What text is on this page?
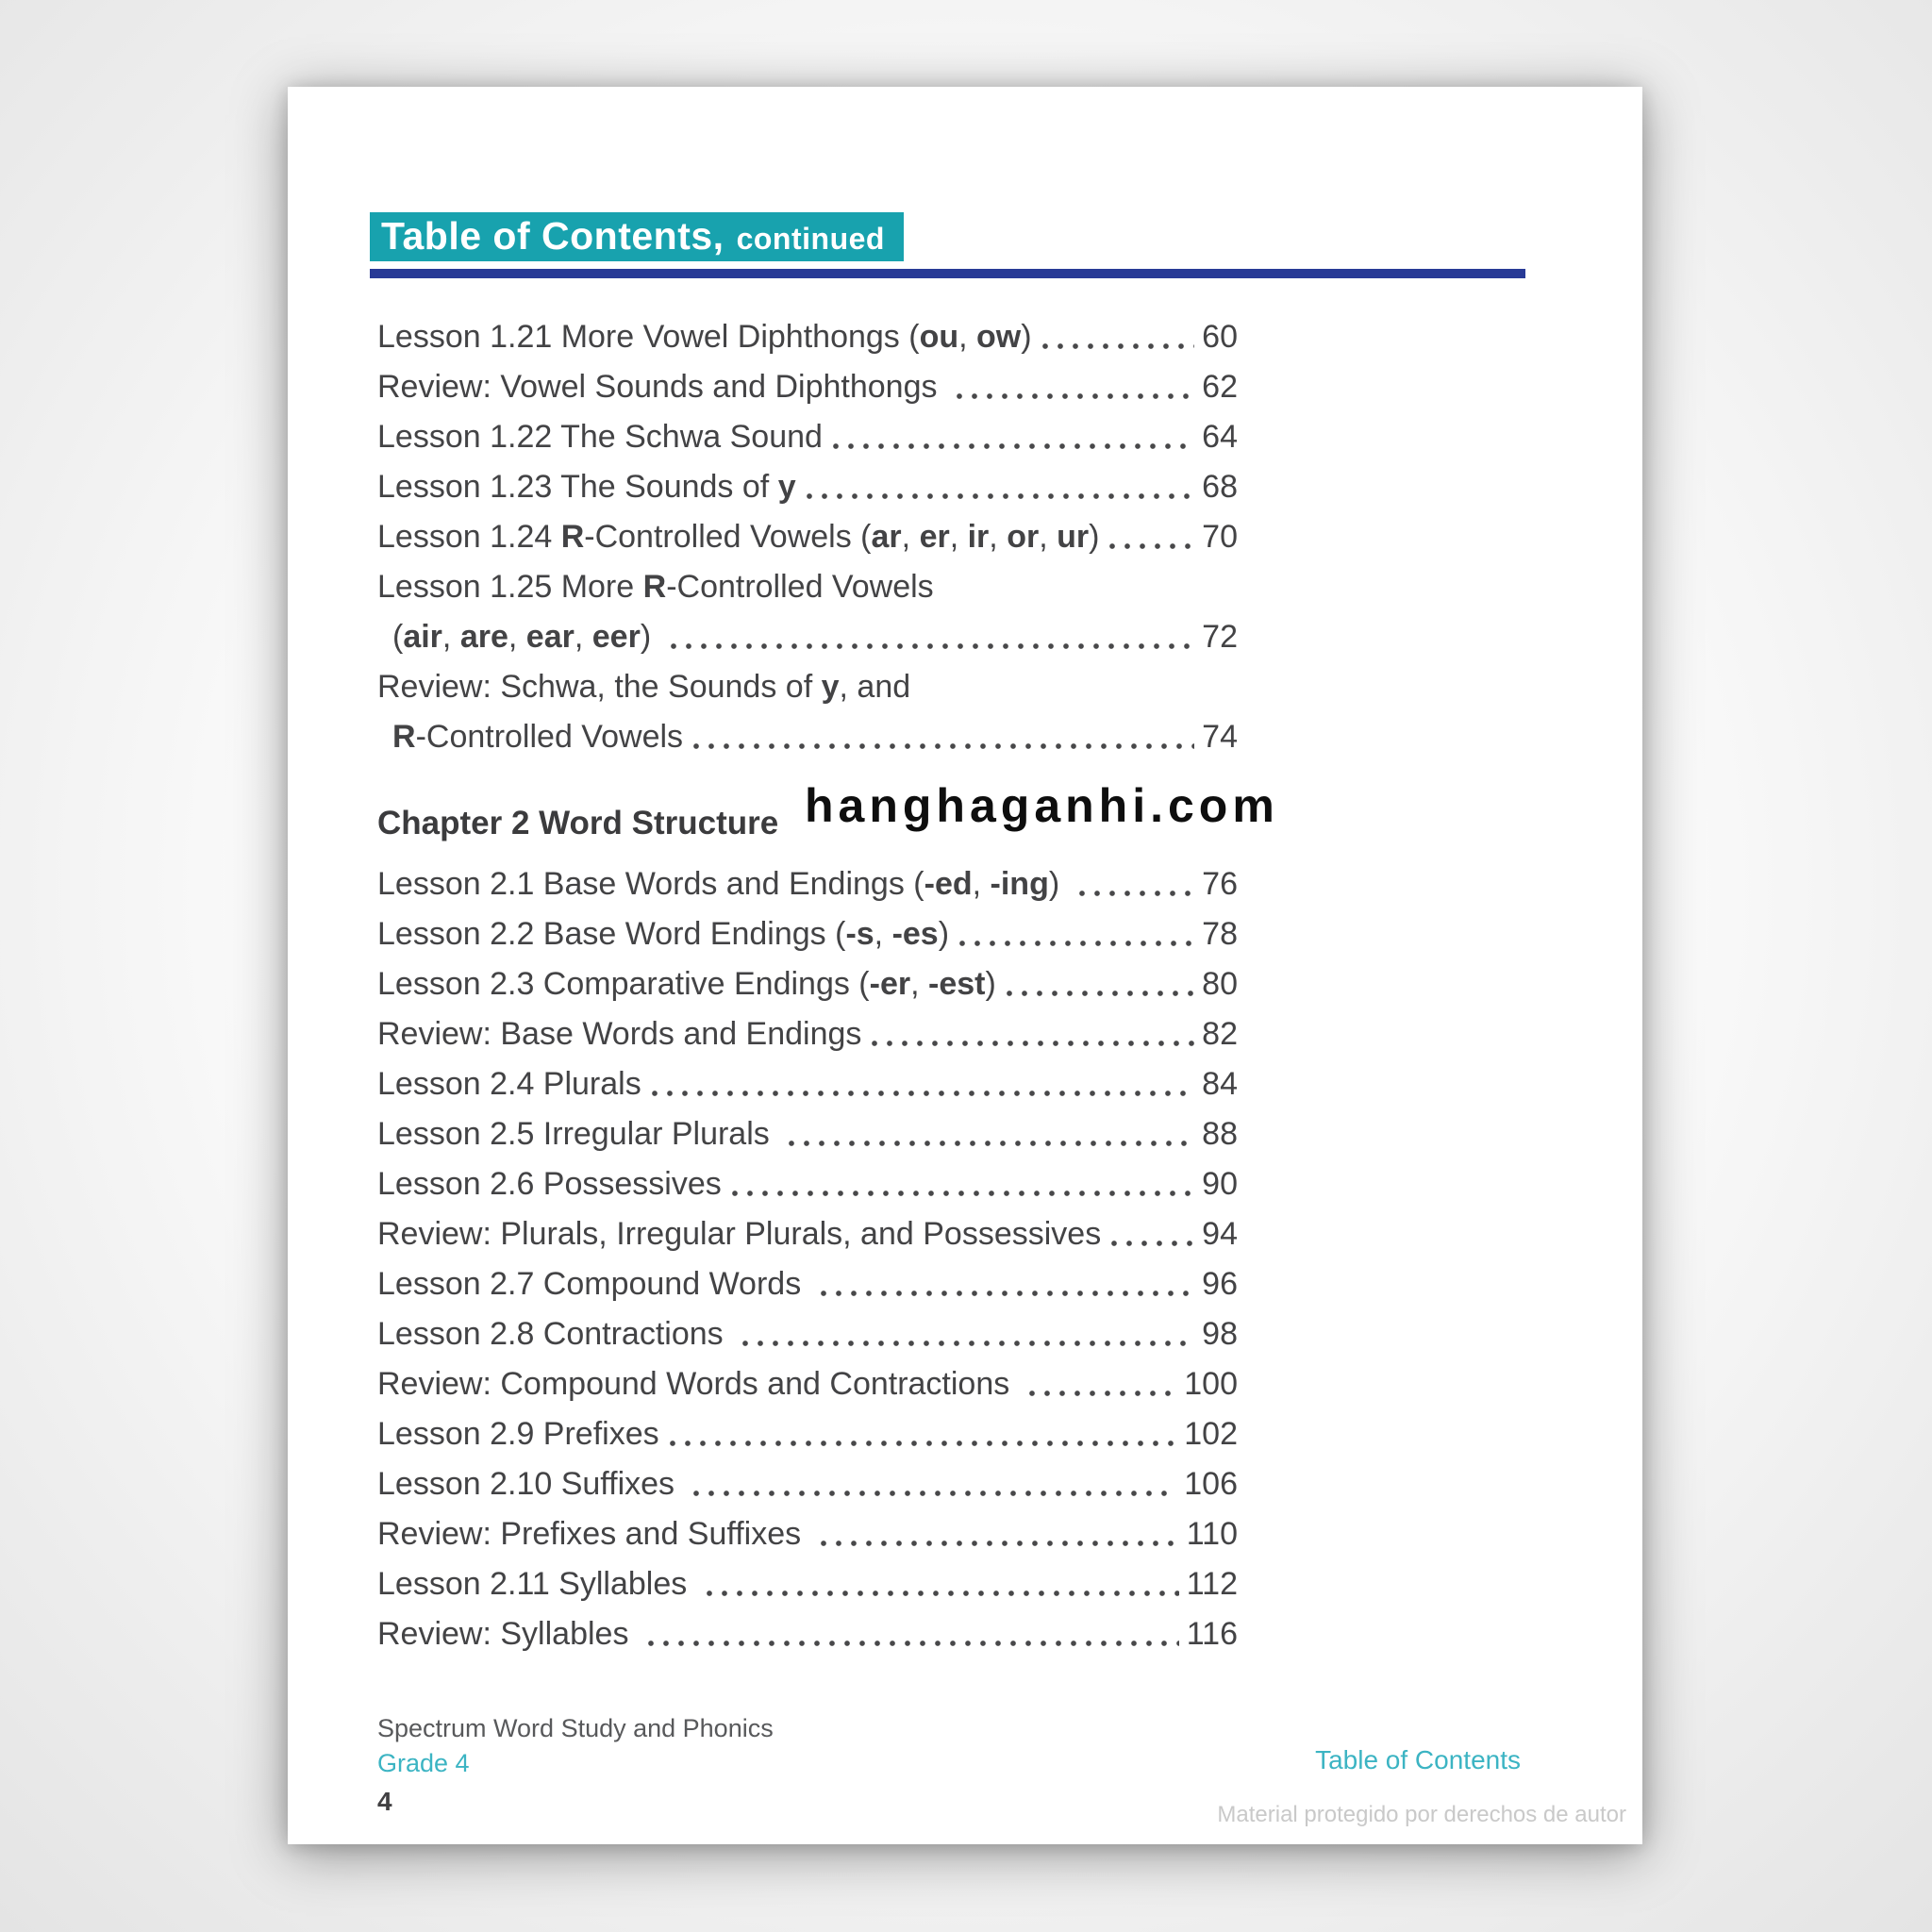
Table of Contents, continued
Lesson 1.21 More Vowel Diphthongs (ou, ow)	60
Review: Vowel Sounds and Diphthongs	62
Lesson 1.22 The Schwa Sound	64
Lesson 1.23 The Sounds of y	68
Lesson 1.24 R-Controlled Vowels (ar, er, ir, or, ur)	70
Lesson 1.25 More R-Controlled Vowels
(air, are, ear, eer)	72
Review: Schwa, the Sounds of y, and
R-Controlled Vowels	74
Chapter 2 Word Structure
Lesson 2.1 Base Words and Endings (-ed, -ing)	76
Lesson 2.2 Base Word Endings (-s, -es)	78
Lesson 2.3 Comparative Endings (-er, -est)	80
Review: Base Words and Endings	82
Lesson 2.4 Plurals	84
Lesson 2.5 Irregular Plurals	88
Lesson 2.6 Possessives	90
Review: Plurals, Irregular Plurals, and Possessives	94
Lesson 2.7 Compound Words	96
Lesson 2.8 Contractions	98
Review: Compound Words and Contractions	100
Lesson 2.9 Prefixes	102
Lesson 2.10 Suffixes	106
Review: Prefixes and Suffixes	110
Lesson 2.11 Syllables	112
Review: Syllables	116
hanghaganhi.com
Spectrum Word Study and Phonics
Grade 4
4
Table of Contents
Material protegido por derechos de autor
